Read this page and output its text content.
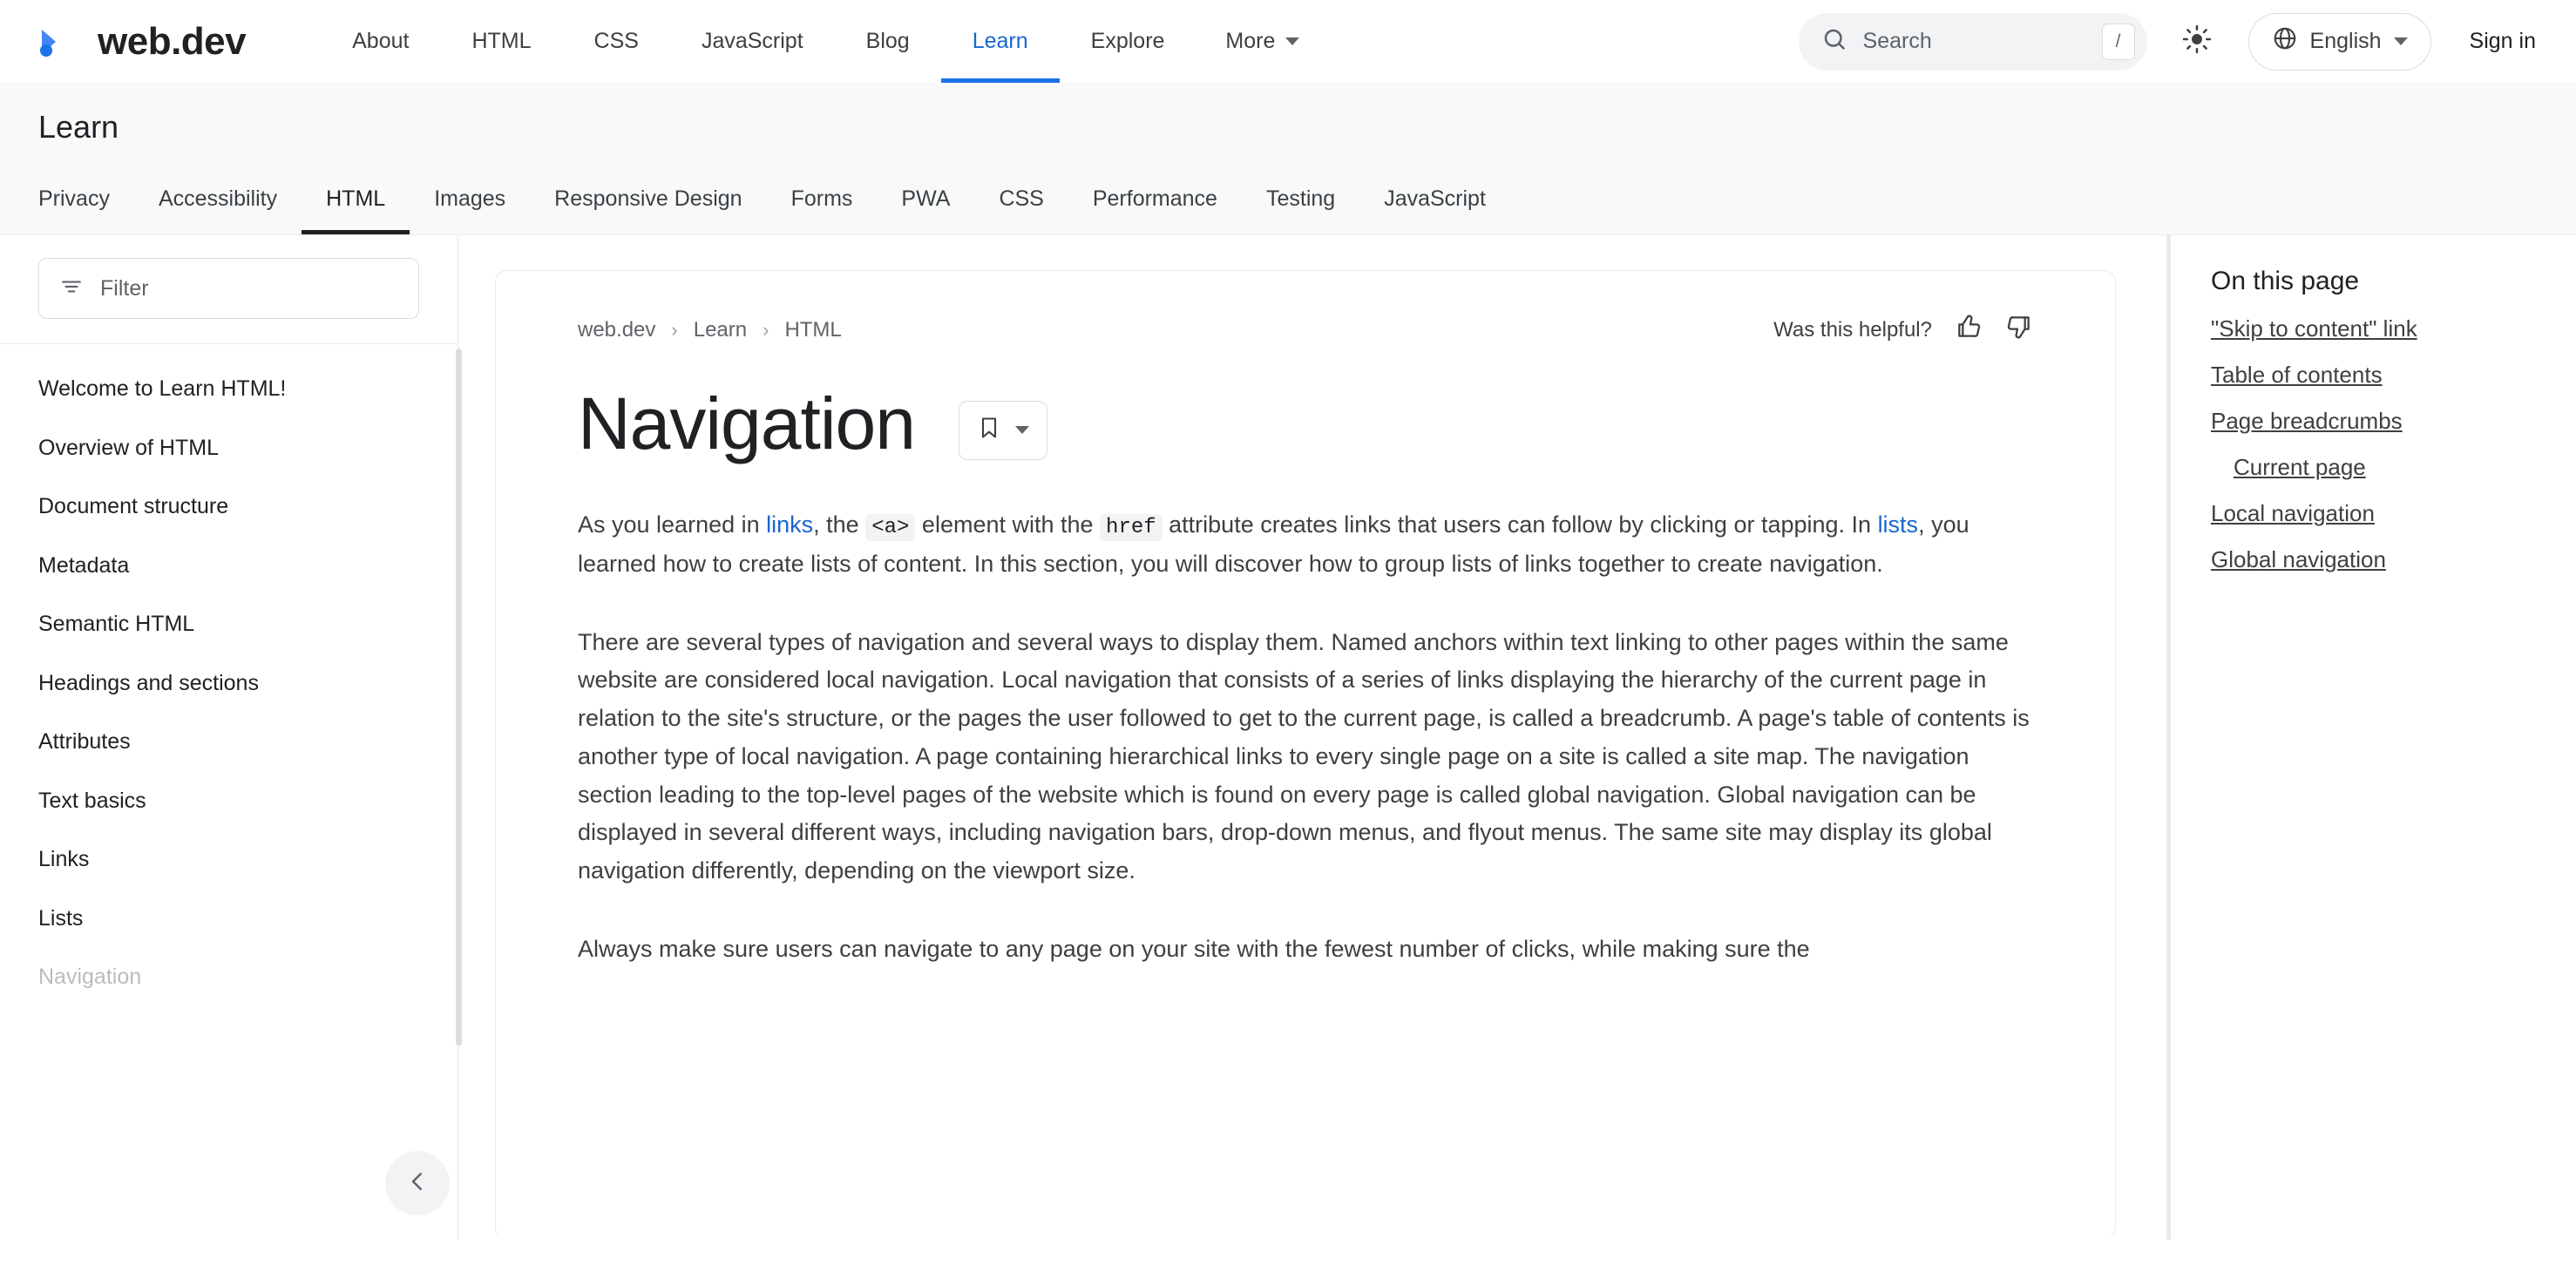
web.dev	About	HTML	CSS	JavaScript	Blog	Learn	Explore	More	Search	/	English	Sign in
Learn
Privacy	Accessibility	HTML	Images	Responsive Design	Forms	PWA	CSS	Performance	Testing	JavaScript
Filter
Welcome to Learn HTML!
Overview of HTML
Document structure
Metadata
Semantic HTML
Headings and sections
Attributes
Text basics
Links
Lists
Navigation
web.dev › Learn › HTML	Was this helpful?
Navigation

As you learned in links, the <a> element with the href attribute creates links that users can follow by clicking or tapping. In lists, you learned how to create lists of content. In this section, you will discover how to group lists of links together to create navigation.

There are several types of navigation and several ways to display them. Named anchors within text linking to other pages within the same website are considered local navigation. Local navigation that consists of a series of links displaying the hierarchy of the current page in relation to the site's structure, or the pages the user followed to get to the current page, is called a breadcrumb. A page's table of contents is another type of local navigation. A page containing hierarchical links to every single page on a site is called a site map. The navigation section leading to the top-level pages of the website which is found on every page is called global navigation. Global navigation can be displayed in several different ways, including navigation bars, drop-down menus, and flyout menus. The same site may display its global navigation differently, depending on the viewport size.

Always make sure users can navigate to any page on your site with the fewest number of clicks, while making sure the

On this page
"Skip to content" link
Table of contents
Page breadcrumbs
Current page
Local navigation
Global navigation
